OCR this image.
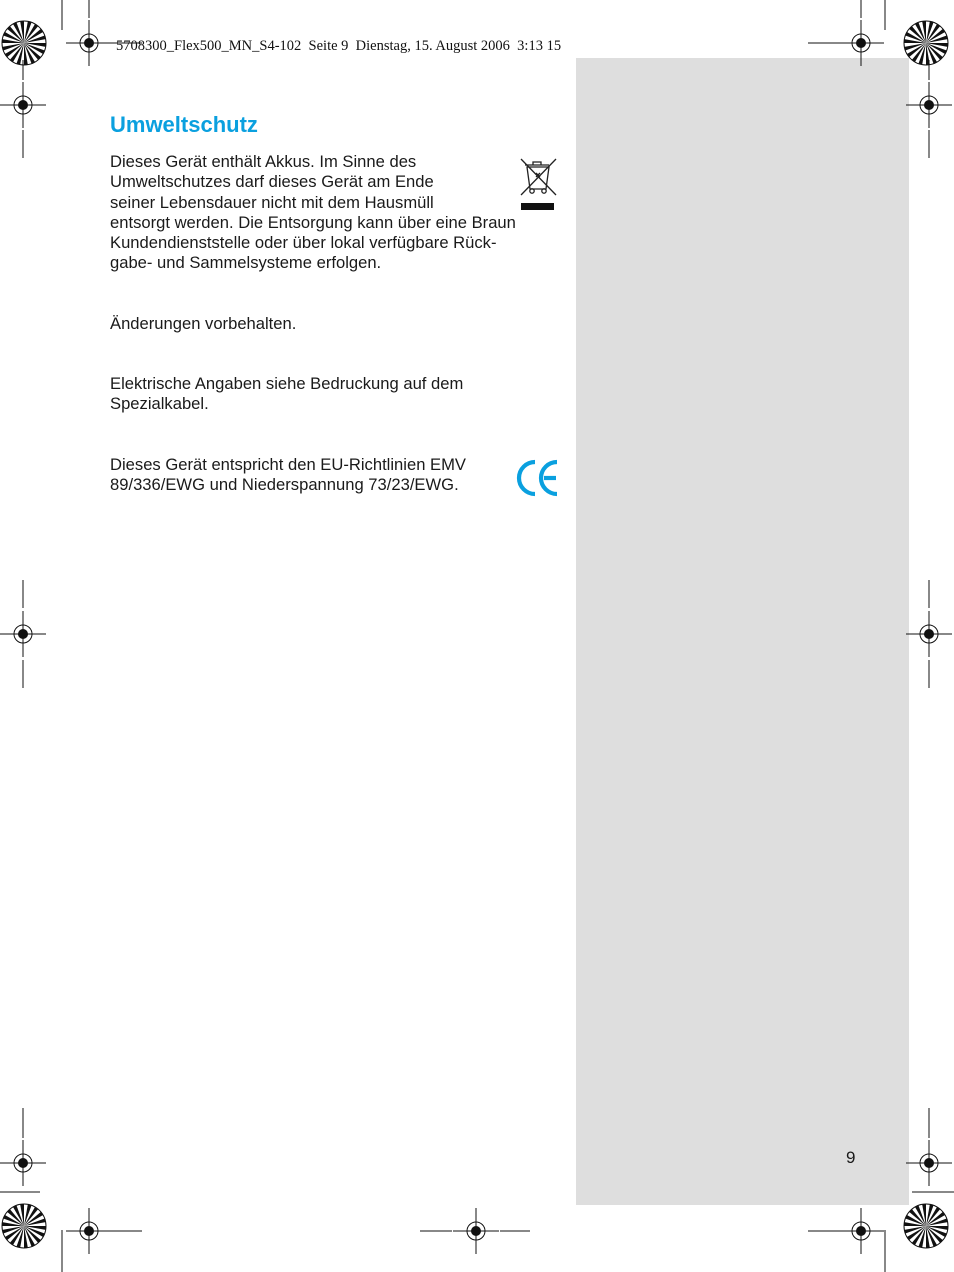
5708300_Flex500_MN_S4-102  Seite 9  Dienstag, 15. August 2006  3:13 15
Umweltschutz

Dieses Gerät enthält Akkus. Im Sinne des
Umweltschutzes darf dieses Gerät am Ende
seiner Lebensdauer nicht mit dem Hausmüll
entsorgt werden. Die Entsorgung kann über eine Braun
Kundendienststelle oder über lokal verfügbare Rück-
gabe- und Sammelsysteme erfolgen.

Änderungen vorbehalten.

Elektrische Angaben siehe Bedruckung auf dem Spezialkabel.

Dieses Gerät entspricht den EU-Richtlinien EMV 89/336/EWG und Niederspannung 73/23/EWG.

9
